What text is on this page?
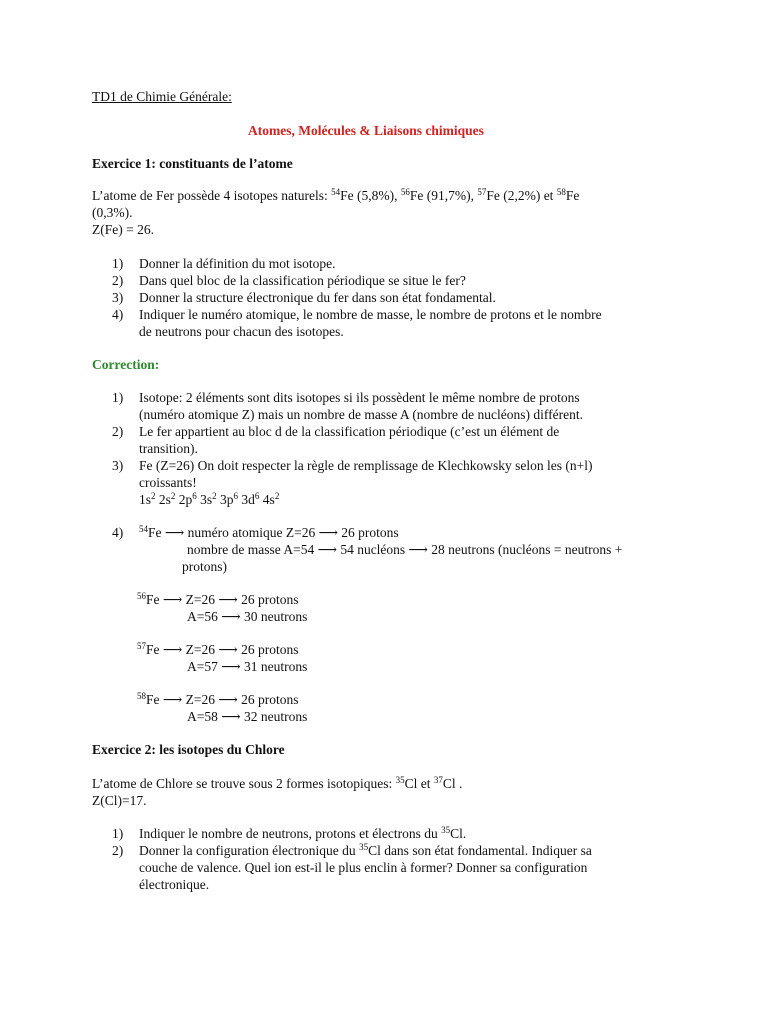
TD1 de Chimie Générale:
Atomes, Molécules & Liaisons chimiques
Exercice 1: constituants de l’atome
L’atome de Fer possède 4 isotopes naturels: $^{54}$Fe (5,8%), $^{56}$Fe (91,7%), $^{57}$Fe (2,2%) et $^{58}$Fe
(0,3%).
Z(Fe) = 26.
1)	Donner la définition du mot isotope.
2)	Dans quel bloc de la classification périodique se situe le fer?
3)	Donner la structure électronique du fer dans son état fondamental.
4)	Indiquer le numéro atomique, le nombre de masse, le nombre de protons et le nombre
de neutrons pour chacun des isotopes.
Correction:
1)	Isotope: 2 éléments sont dits isotopes si ils possèdent le même nombre de protons
(numéro atomique Z) mais un nombre de masse A (nombre de nucléons) différent.
2)	Le fer appartient au bloc d de la classification périodique (c’est un élément de
transition).
3)	Fe (Z=26) On doit respecter la règle de remplissage de Klechkowsky selon les (n+l)
croissants!
$1s^2$ $2s^2$ $2p^6$ $3s^2$ $3p^6$ $3d^6$ $4s^2$
4)	$^{54}$Fe ⟶ numéro atomique Z=26 ⟶ 26 protons
nombre de masse A=54 ⟶ 54 nucléons ⟶ 28 neutrons (nucléons = neutrons +
protons)
$^{56}$Fe ⟶ Z=26 ⟶ 26 protons
A=56 ⟶ 30 neutrons
$^{57}$Fe ⟶ Z=26 ⟶ 26 protons
A=57 ⟶ 31 neutrons
$^{58}$Fe ⟶ Z=26 ⟶ 26 protons
A=58 ⟶ 32 neutrons
Exercice 2: les isotopes du Chlore
L’atome de Chlore se trouve sous 2 formes isotopiques: $^{35}$Cl et $^{37}$Cl .
Z(Cl)=17.
1)	Indiquer le nombre de neutrons, protons et électrons du $^{35}$Cl.
2)	Donner la configuration électronique du $^{35}$Cl dans son état fondamental. Indiquer sa
couche de valence. Quel ion est-il le plus enclin à former? Donner sa configuration
électronique.
